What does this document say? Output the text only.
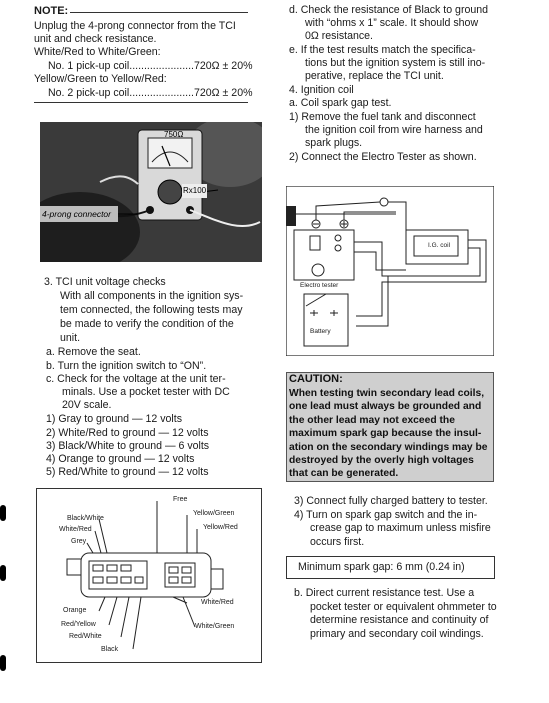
NOTE:
Unplug the 4-prong connector from the TCI
unit and check resistance.
White/Red to White/Green:
No. 1 pick-up coil......................720Ω ± 20%
Yellow/Green to Yellow/Red:
No. 2 pick-up coil......................720Ω ± 20%
750Ω
Rx100
4-prong connector
3. TCI unit voltage checks
With all components in the ignition sys-
tem connected, the following tests may
be made to verify the condition of the
unit.
a. Remove the seat.
b. Turn the ignition switch to “ON”.
c. Check for the voltage at the unit ter-
minals. Use a pocket tester with DC
20V scale.
1) Gray to ground — 12 volts
2) White/Red to ground — 12 volts
3) Black/White to ground — 6 volts
4) Orange to ground — 12 volts
5) Red/White to ground — 12 volts
Free
Yellow/Green
Yellow/Red
Black/White
White/Red
Grey
White/Red
White/Green
Orange
Red/Yellow
Red/White
Black
d. Check the resistance of Black to ground
with “ohms x 1” scale. It should show
0Ω resistance.
e. If the test results match the specifica-
tions but the ignition system is still ino-
perative, replace the TCI unit.
4. Ignition coil
a. Coil spark gap test.
1) Remove the fuel tank and disconnect
the ignition coil from wire harness and
spark plugs.
2) Connect the Electro Tester as shown.
I.G. coil
Electro tester
Battery
CAUTION:
When testing twin secondary lead coils,
one lead must always be grounded and
the other lead may not exceed the
maximum spark gap because the insul-
ation on the secondary windings may be
destroyed by the overly high voltages
that can be generated.
3) Connect fully charged battery to tester.
4) Turn on spark gap switch and the in-
crease gap to maximum unless misfire
occurs first.
Minimum spark gap: 6 mm (0.24 in)
b. Direct current resistance test. Use a
pocket tester or equivalent ohmmeter to
determine resistance and continuity of
primary and secondary coil windings.
